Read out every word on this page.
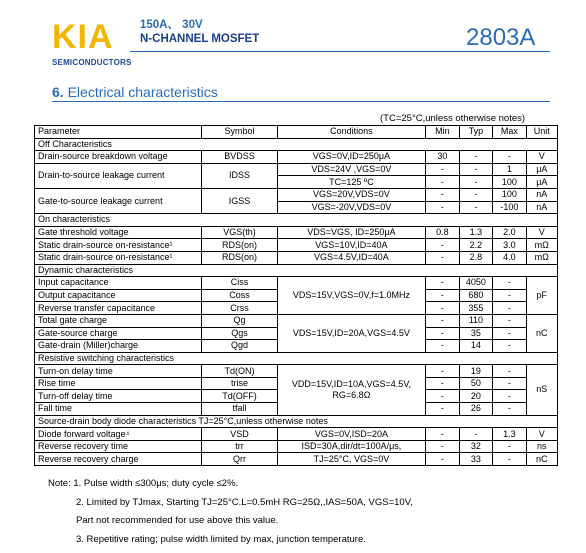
KIA
SEMICONDUCTORS
150A、 30V
N-CHANNEL MOSFET	2803A
6. Electrical characteristics
(TC=25°C,unless otherwise notes)
Parameter	Symbol	Conditions	Min	Typ	Max	Unit
Off Characteristics						
Drain-source breakdown voltage	BVDSS	VGS=0V,ID=250μA	30	-	-	V
Drain-to-source leakage current	IDSS	VDS=24V ,VGS=0V	-	-	1	μA
		TC=125 ºC	-	-	100	μA
Gate-to-source leakage current	IGSS	VGS=20V,VDS=0V	-	-	100	nA
		VGS=-20V,VDS=0V	-	-	-100	nA
On characteristics						
Gate threshold voltage	VGS(th)	VDS=VGS, ID=250μA	0.8	1.3	2.0	V
Static drain-source on-resistance¹	RDS(on)	VGS=10V,ID=40A	-	2.2	3.0	mΩ
Static drain-source on-resistance¹	RDS(on)	VGS=4.5V,ID=40A	-	2.8	4.0	mΩ
Dynamic characteristics						
Input capacitance	Ciss	VDS=15V,VGS=0V,f=1.0MHz	-	4050	-	pF
Output capacitance	Coss		-	680	-	
Reverse transfer capacitance	Crss		-	355	-	
Total gate charge	Qg	VDS=15V,ID=20A,VGS=4.5V	-	110	-	nC
Gate-source charge	Qgs		-	35	-	
Gate-drain (Miller)charge	Qgd		-	14	-	
Resistive switching characteristics						
Turn-on delay time	Td(ON)	VDD=15V,ID=10A,VGS=4.5V,
RG=6.8Ω	-	19	-	nS
Rise time	trise		-	50	-	
Turn-off delay time	Td(OFF)		-	20	-	
Fall time	tfall		-	26	-	
Source-drain body diode characteristics TJ=25°C,unless otherwise notes						
Diode forward voltage⁴	VSD	VGS=0V,ISD=20A	-	-	1.3	V
Reverse recovery time	trr	ISD=30A,dir/dt=100A/μs,	-	32	-	ns
Reverse recovery charge	Qrr	TJ=25°C, VGS=0V	-	33	-	nC
Note: 1. Pulse width ≤300μs; duty cycle ≤2%.
2. Limited by TJmax, Starting TJ=25°C.L=0.5mH RG=25Ω,,IAS=50A, VGS=10V,
Part not recommended for use above this value.
3. Repetitive rating; pulse width limited by max, junction temperature.
